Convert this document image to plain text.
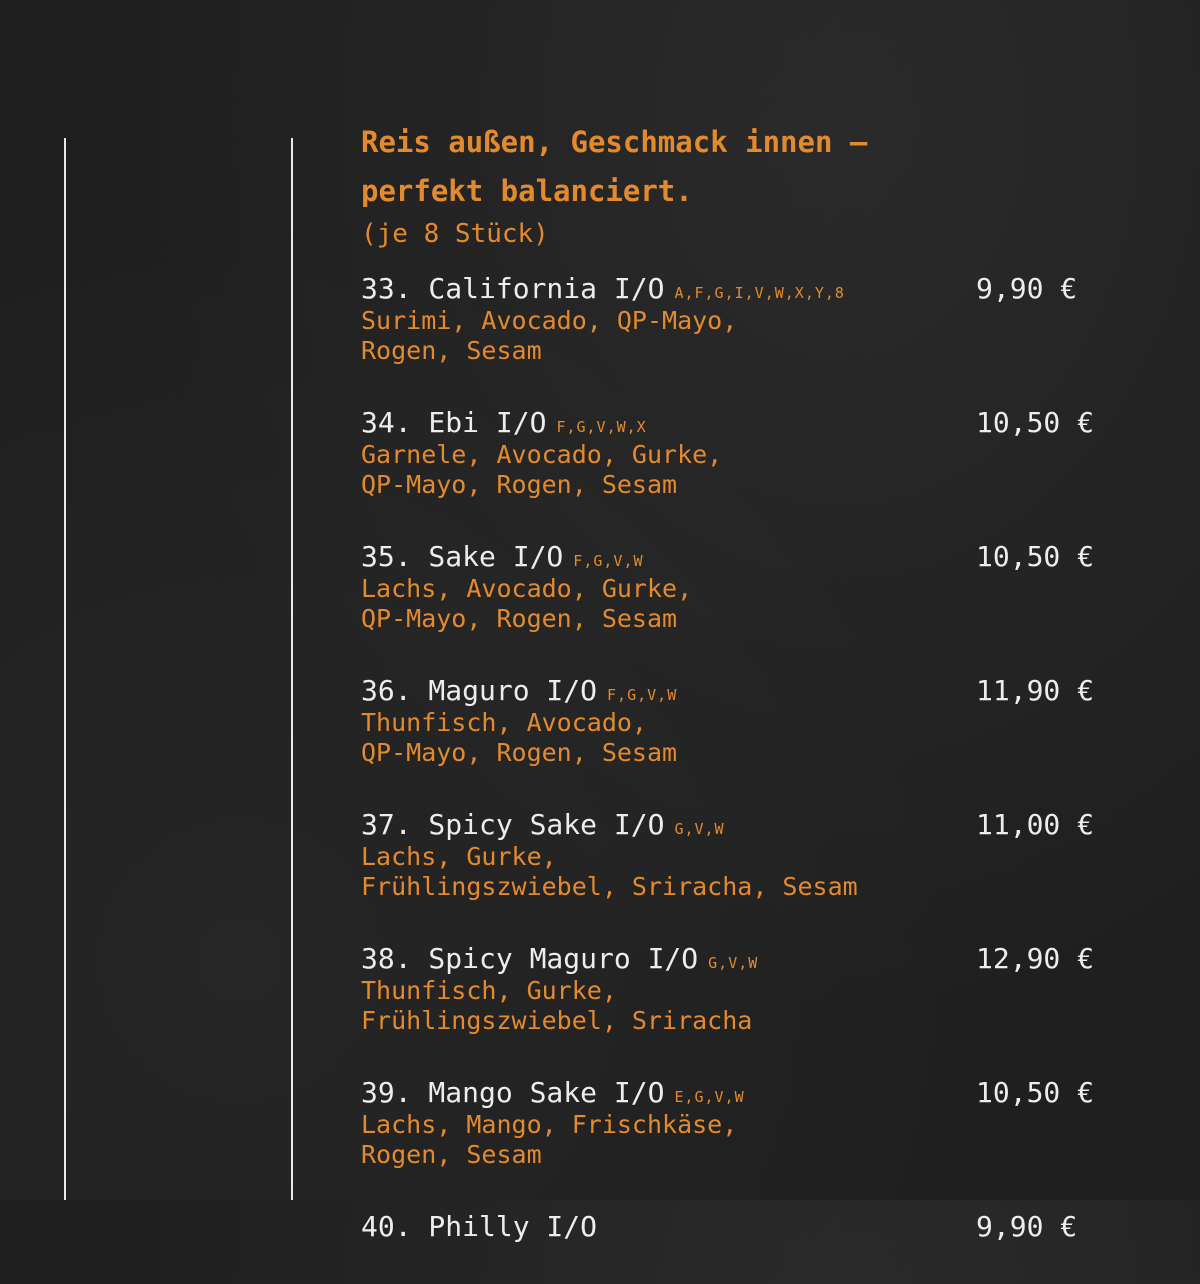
Reis außen, Geschmack innen –
perfekt balanciert.
(je 8 Stück)
33. California I/O A,F,G,I,V,W,X,Y,8	9,90 €
Surimi, Avocado, QP-Mayo,
Rogen, Sesam
34. Ebi I/O F,G,V,W,X	10,50 €
Garnele, Avocado, Gurke,
QP-Mayo, Rogen, Sesam
35. Sake I/O F,G,V,W	10,50 €
Lachs, Avocado, Gurke,
QP-Mayo, Rogen, Sesam
36. Maguro I/O F,G,V,W	11,90 €
Thunfisch, Avocado,
QP-Mayo, Rogen, Sesam
37. Spicy Sake I/O G,V,W	11,00 €
Lachs, Gurke,
Frühlingszwiebel, Sriracha, Sesam
38. Spicy Maguro I/O G,V,W	12,90 €
Thunfisch, Gurke,
Frühlingszwiebel, Sriracha
39. Mango Sake I/O E,G,V,W	10,50 €
Lachs, Mango, Frischkäse,
Rogen, Sesam
40. Philly I/O	9,90 €
